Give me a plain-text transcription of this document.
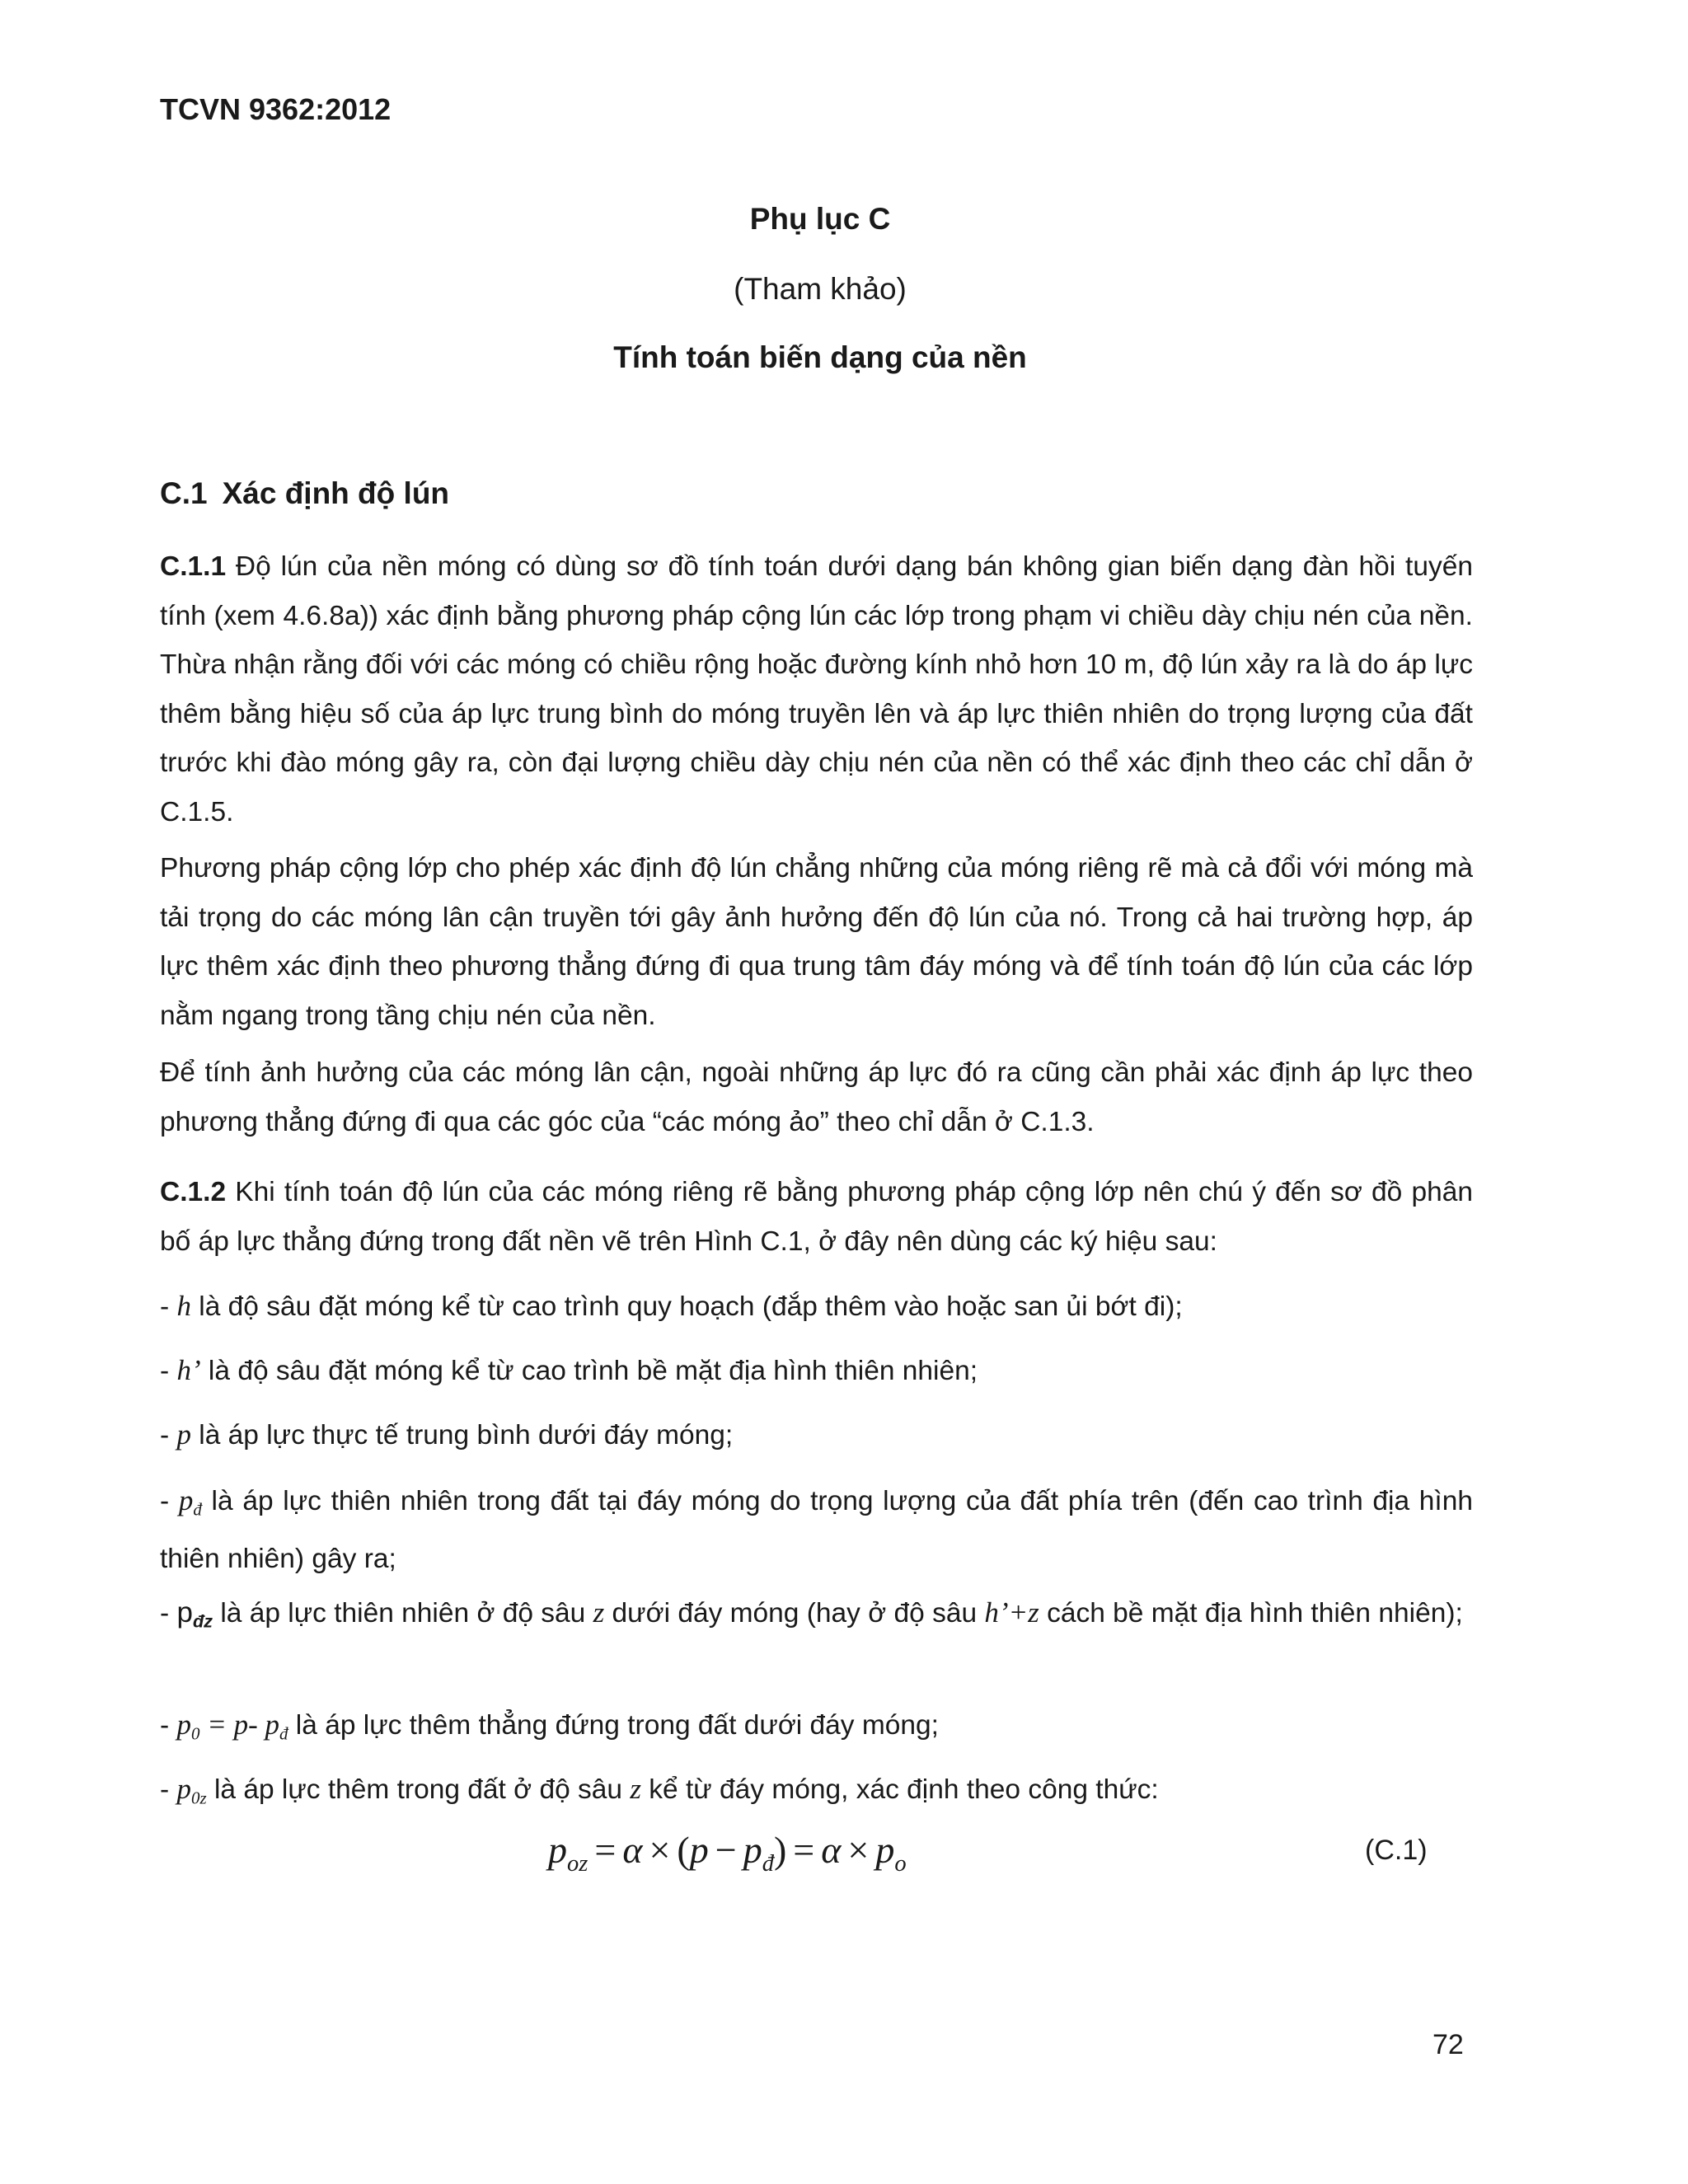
TCVN 9362:2012
Phụ lục C
(Tham khảo)
Tính toán biến dạng của nền
C.1 Xác định độ lún

C.1.1 Độ lún của nền móng có dùng sơ đồ tính toán dưới dạng bán không gian biến dạng đàn hồi tuyến tính (xem 4.6.8a)) xác định bằng phương pháp cộng lún các lớp trong phạm vi chiều dày chịu nén của nền. Thừa nhận rằng đối với các móng có chiều rộng hoặc đường kính nhỏ hơn 10 m, độ lún xảy ra là do áp lực thêm bằng hiệu số của áp lực trung bình do móng truyền lên và áp lực thiên nhiên do trọng lượng của đất trước khi đào móng gây ra, còn đại lượng chiều dày chịu nén của nền có thể xác định theo các chỉ dẫn ở C.1.5.

Phương pháp cộng lớp cho phép xác định độ lún chẳng những của móng riêng rẽ mà cả đổi với móng mà tải trọng do các móng lân cận truyền tới gây ảnh hưởng đến độ lún của nó. Trong cả hai trường hợp, áp lực thêm xác định theo phương thẳng đứng đi qua trung tâm đáy móng và để tính toán độ lún của các lớp nằm ngang trong tầng chịu nén của nền.

Để tính ảnh hưởng của các móng lân cận, ngoài những áp lực đó ra cũng cần phải xác định áp lực theo phương thẳng đứng đi qua các góc của “các móng ảo” theo chỉ dẫn ở C.1.3.

C.1.2 Khi tính toán độ lún của các móng riêng rẽ bằng phương pháp cộng lớp nên chú ý đến sơ đồ phân bố áp lực thẳng đứng trong đất nền vẽ trên Hình C.1, ở đây nên dùng các ký hiệu sau:

- h là độ sâu đặt móng kể từ cao trình quy hoạch (đắp thêm vào hoặc san ủi bớt đi);

- h’ là độ sâu đặt móng kể từ cao trình bề mặt địa hình thiên nhiên;

- p là áp lực thực tế trung bình dưới đáy móng;

- $p_đ$ là áp lực thiên nhiên trong đất tại đáy móng do trọng lượng của đất phía trên (đến cao trình địa hình thiên nhiên) gây ra;

- pđz là áp lực thiên nhiên ở độ sâu z dưới đáy móng (hay ở độ sâu h’+z cách bề mặt địa hình thiên nhiên);

- $p_0 = p-$ $p_đ$ là áp lực thêm thẳng đứng trong đất dưới đáy móng;

- $p_{0z}$ là áp lực thêm trong đất ở độ sâu z kể từ đáy móng, xác định theo công thức:

$p_{oz} = \alpha \times (p - p_đ) = \alpha \times p_o$	(C.1)
72
